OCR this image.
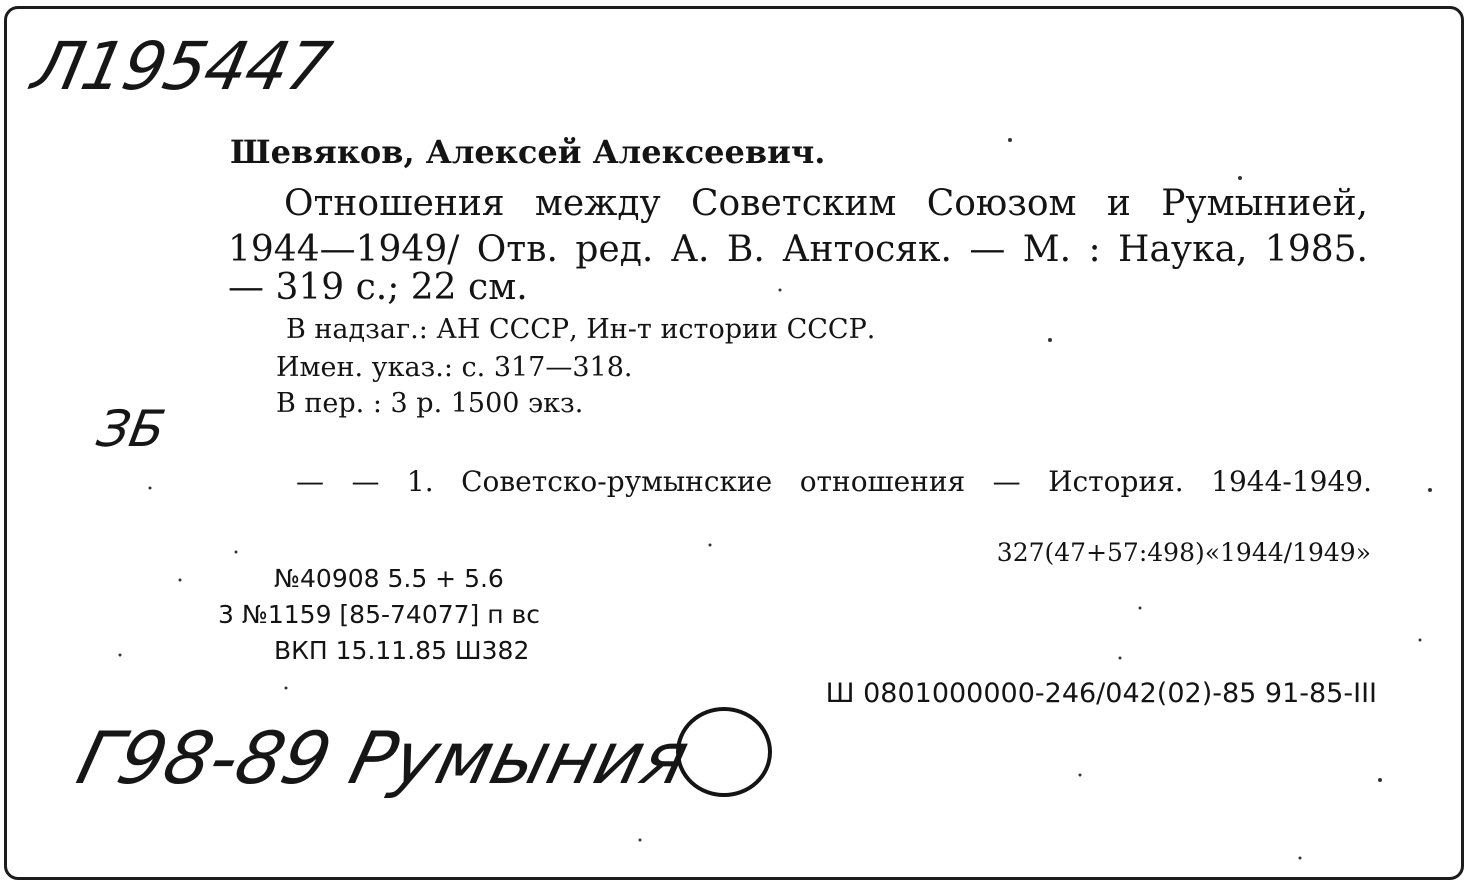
Л195447
ЗБ
Г98-89 Румыния
Шевяков, Алексей Алексеевич.
Отношения между Советским Союзом и Румынией,
1944—1949/ Отв. ред. А. В. Антосяк. — М. : Наука, 1985.
— 319 с.; 22 см.
В надзаг.: АН СССР, Ин-т истории СССР.
Имен. указ.: с. 317—318.
В пер. : 3 р. 1500 экз.
— — 1. Советско-румынские отношения — История. 1944-1949.
327(47+57:498)«1944/1949»
№40908 5.5 + 5.6
3 №1159 [85-74077] п вс
ВКП 15.11.85 Ш382
Ш 0801000000-246/042(02)-85 91-85-III
